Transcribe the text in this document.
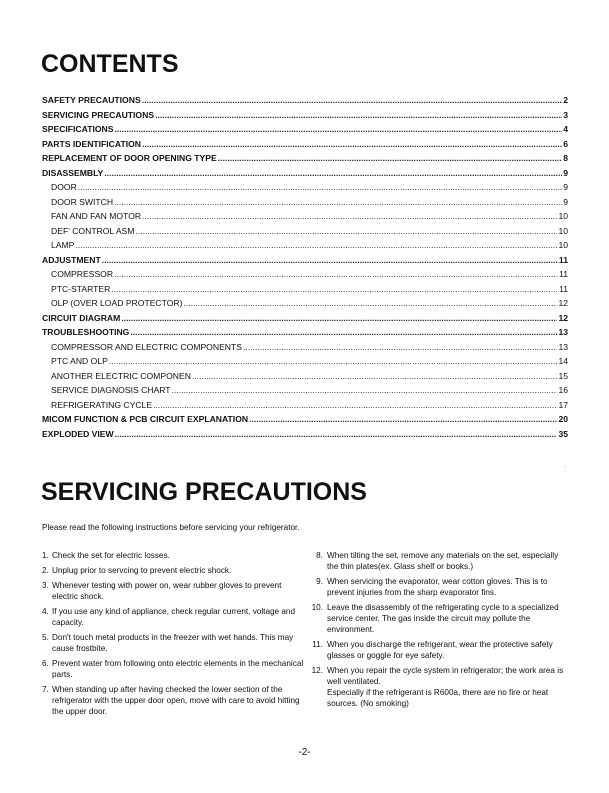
CONTENTS
SAFETY PRECAUTIONS .....	2
SERVICING PRECAUTIONS .....	3
SPECIFICATIONS .....	4
PARTS IDENTIFICATION .....	6
REPLACEMENT OF DOOR OPENING TYPE .....	8
DISASSEMBLY .....	9
DOOR .....	9
DOOR SWITCH .....	9
FAN AND FAN MOTOR .....	10
DEF' CONTROL ASM .....	10
LAMP .....	10
ADJUSTMENT .....	11
COMPRESSOR .....	11
PTC-STARTER .....	11
OLP (OVER LOAD PROTECTOR) .....	12
CIRCUIT DIAGRAM .....	12
TROUBLESHOOTING .....	13
COMPRESSOR AND ELECTRIC COMPONENTS .....	13
PTC AND OLP .....	14
ANOTHER ELECTRIC COMPONEN .....	15
SERVICE DIAGNOSIS CHART .....	16
REFRIGERATING CYCLE .....	17
MICOM FUNCTION & PCB CIRCUIT EXPLANATION .....	20
EXPLODED VIEW .....	35
SERVICING PRECAUTIONS

Please read the following instructions before servicing your refrigerator.

1. Check the set for electric losses.
2. Unplug prior to servcing to prevent electric shock.
3. Whenever testing with power on, wear rubber gloves to prevent electric shock.
4. If you use any kind of appliance, check regular current, voltage and capacity.
5. Don't touch metal products in the freezer with wet hands. This may cause frostbite.
6. Prevent water from following onto electric elements in the mechanical parts.
7. When standing up after having checked the lower section of the refrigerator with the upper door open, move with care to avoid hitting the upper door.
8. When tilting the set, remove any materials on the set, especially the thin plates(ex. Glass shelf or books.)
9. When servicing the evaporator, wear cotton gloves. This is to prevent injuries from the sharp evaporator fins.
10. Leave the disassembly of the refrigerating cycle to a specialized service center. The gas inside the circuit may pollute the environment.
11. When you discharge the refrigerant, wear the protective safety glasses or goggle for eye safety.
12. When you repair the cycle system in refrigerator; the work area is well ventilated.
Especially if the refrigerant is R600a, there are no fire or heat sources. (No smoking)

-2-
